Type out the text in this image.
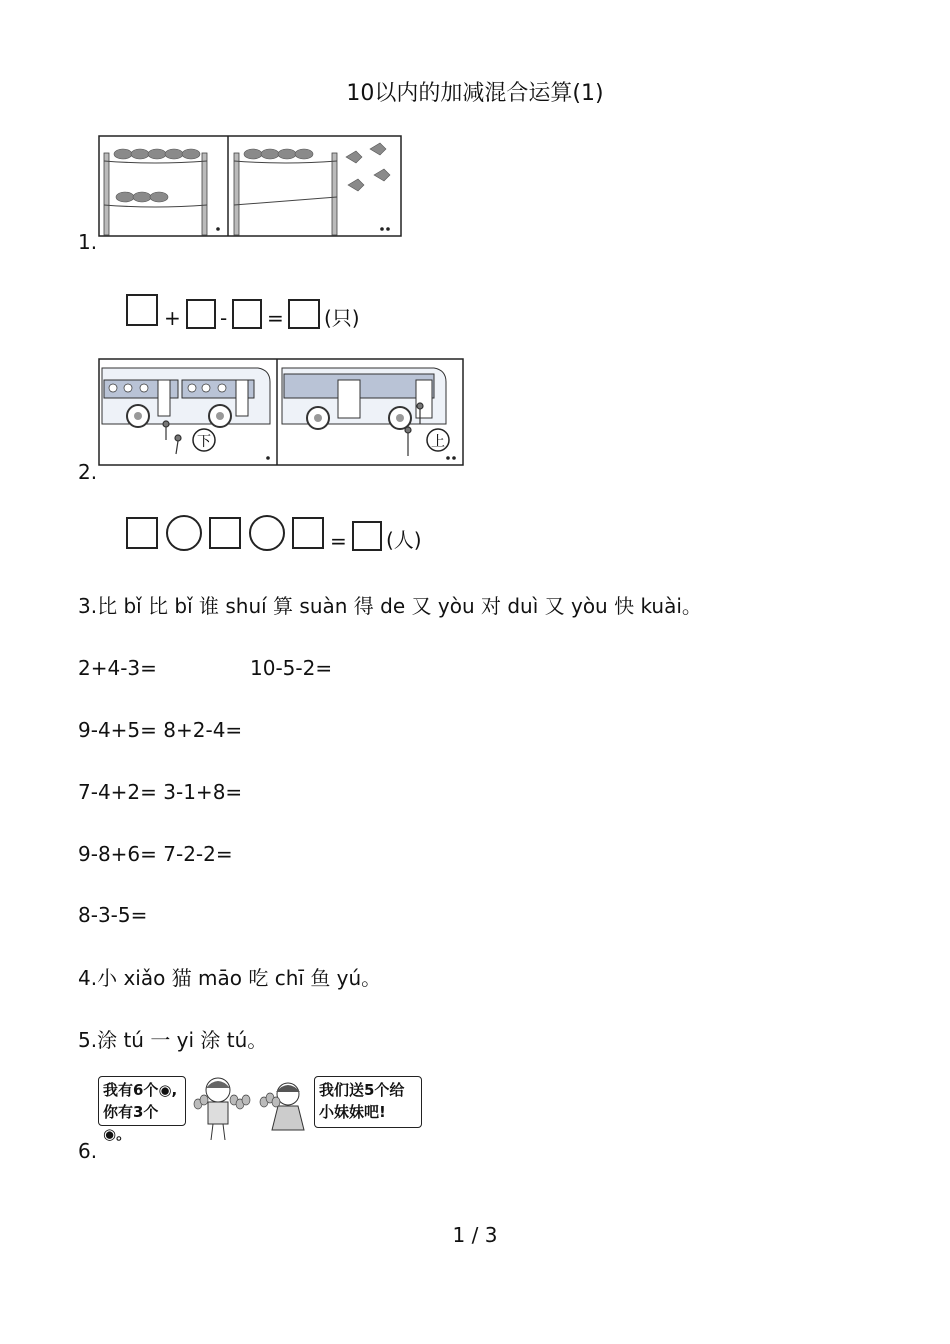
10以内的加减混合运算(1)
1.
+ - = (只)
下	上
2.
= (人)
3.比 bǐ 比 bǐ 谁 shuí 算 suàn 得 de 又 yòu 对 duì 又 yòu 快 kuài。
2+4-3=	10-5-2=
9-4+5= 8+2-4=
7-4+2= 3-1+8=
9-8+6= 7-2-2=
8-3-5=
4.小 xiǎo 猫 māo 吃 chī 鱼 yú。
5.涂 tú 一 yi 涂 tú。
我有6个◉,
你有3个◉。
我们送5个给
小妹妹吧!
6.
1 / 3
